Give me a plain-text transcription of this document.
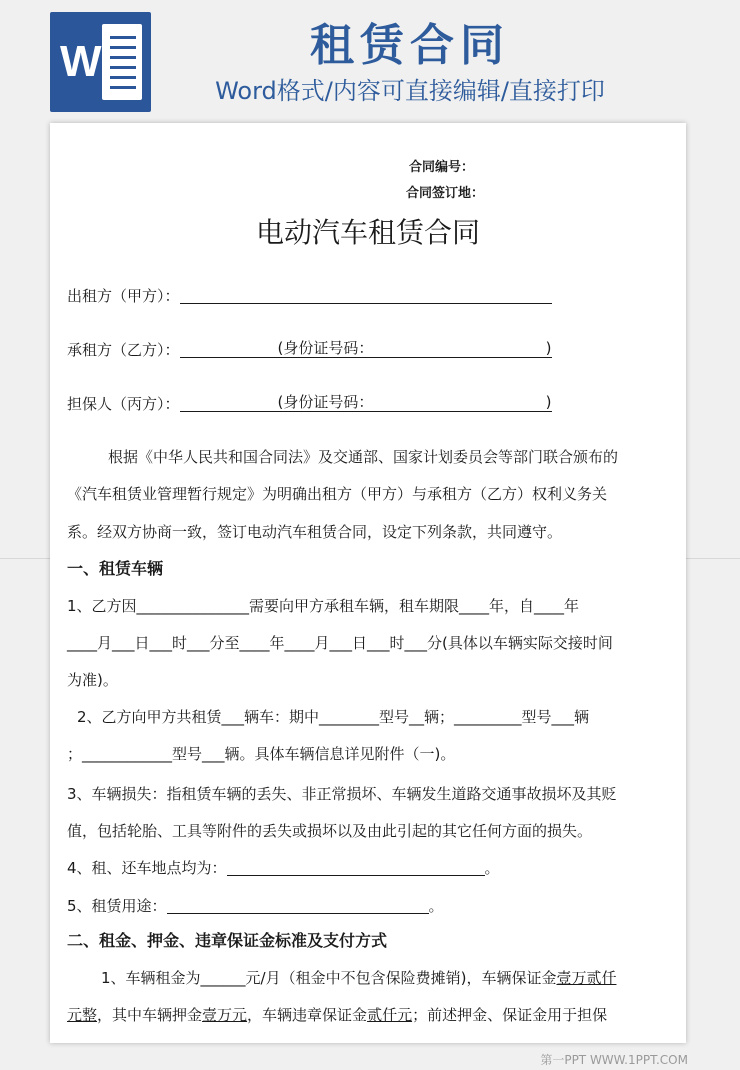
W	租赁合同
Word格式/内容可直接编辑/直接打印
合同编号：
合同签订地：
电动汽车租赁合同
出租方（甲方）：
承租方（乙方）：	(身份证号码：	)
担保人（丙方）：	(身份证号码：	)
根据《中华人民共和国合同法》及交通部、国家计划委员会等部门联合颁布的
《汽车租赁业管理暂行规定》为明确出租方（甲方）与承租方（乙方）权利义务关
系。经双方协商一致，签订电动汽车租赁合同，设定下列条款，共同遵守。
一、租赁车辆
1、乙方因_______________需要向甲方承租车辆，租车期限____年，自____年
____月___日___时___分至____年____月___日___时___分(具体以车辆实际交接时间
为准)。
2、乙方向甲方共租赁___辆车：期中________型号__辆；_________型号___辆
；____________型号___辆。具体车辆信息详见附件（一)。
3、车辆损失：指租赁车辆的丢失、非正常损坏、车辆发生道路交通事故损坏及其贬
值，包括轮胎、工具等附件的丢失或损坏以及由此引起的其它任何方面的损失。
4、租、还车地点均为：	。
5、租赁用途：	。
二、租金、押金、违章保证金标准及支付方式
1、车辆租金为______元/月（租金中不包含保险费摊销)，车辆保证金壹万贰仟
元整，其中车辆押金壹万元，车辆违章保证金贰仟元；前述押金、保证金用于担保
第一PPT WWW.1PPT.COM
